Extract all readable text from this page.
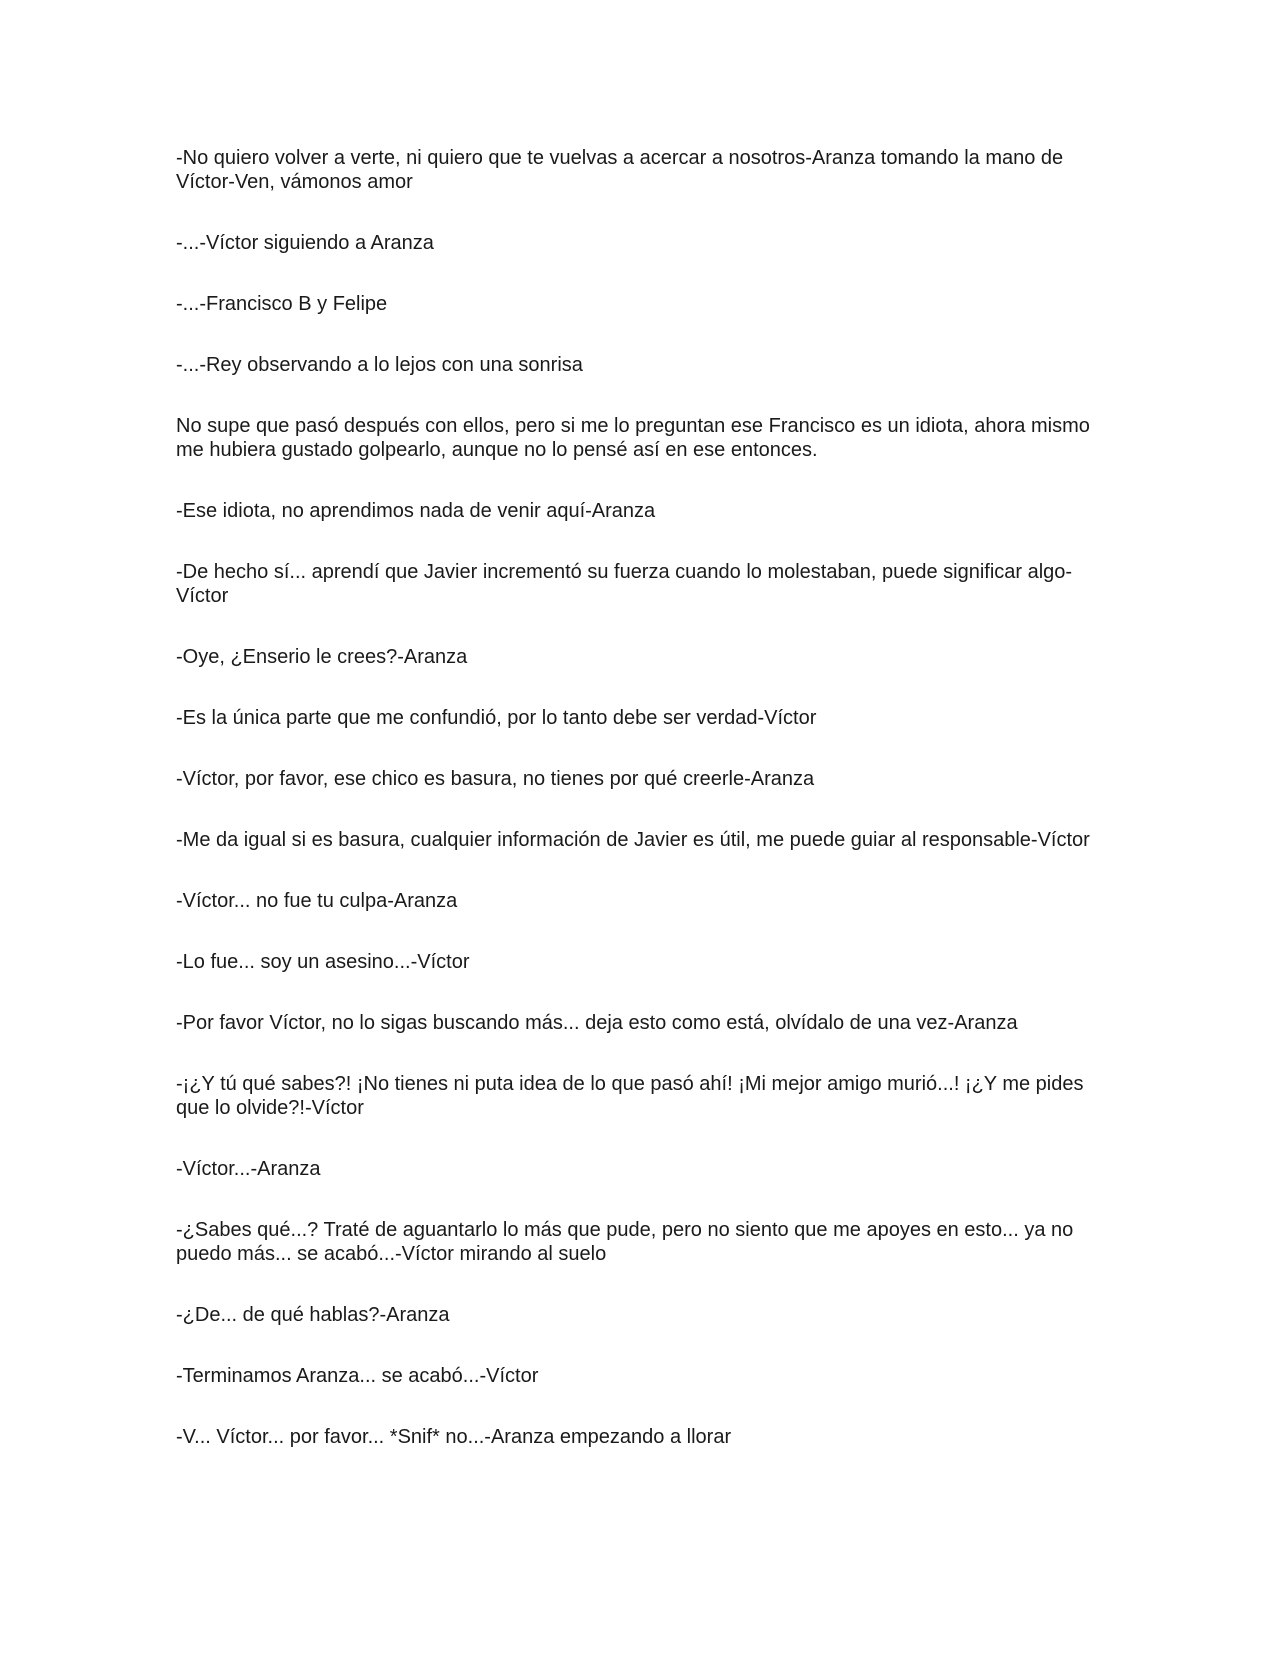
-No quiero volver a verte, ni quiero que te vuelvas a acercar a nosotros-Aranza tomando la mano de Víctor-Ven, vámonos amor

-...-Víctor siguiendo a Aranza

-...-Francisco B y Felipe

-...-Rey observando a lo lejos con una sonrisa

No supe que pasó después con ellos, pero si me lo preguntan ese Francisco es un idiota, ahora mismo me hubiera gustado golpearlo, aunque no lo pensé así en ese entonces.

-Ese idiota, no aprendimos nada de venir aquí-Aranza

-De hecho sí... aprendí que Javier incrementó su fuerza cuando lo molestaban, puede significar algo-Víctor

-Oye, ¿Enserio le crees?-Aranza

-Es la única parte que me confundió, por lo tanto debe ser verdad-Víctor

-Víctor, por favor, ese chico es basura, no tienes por qué creerle-Aranza

-Me da igual si es basura, cualquier información de Javier es útil, me puede guiar al responsable-Víctor

-Víctor... no fue tu culpa-Aranza

-Lo fue... soy un asesino...-Víctor

-Por favor Víctor, no lo sigas buscando más... deja esto como está, olvídalo de una vez-Aranza

-¡¿Y tú qué sabes?! ¡No tienes ni puta idea de lo que pasó ahí! ¡Mi mejor amigo murió...! ¡¿Y me pides que lo olvide?!-Víctor

-Víctor...-Aranza

-¿Sabes qué...? Traté de aguantarlo lo más que pude, pero no siento que me apoyes en esto... ya no puedo más... se acabó...-Víctor mirando al suelo

-¿De... de qué hablas?-Aranza

-Terminamos Aranza... se acabó...-Víctor

-V... Víctor... por favor... *Snif* no...-Aranza empezando a llorar
